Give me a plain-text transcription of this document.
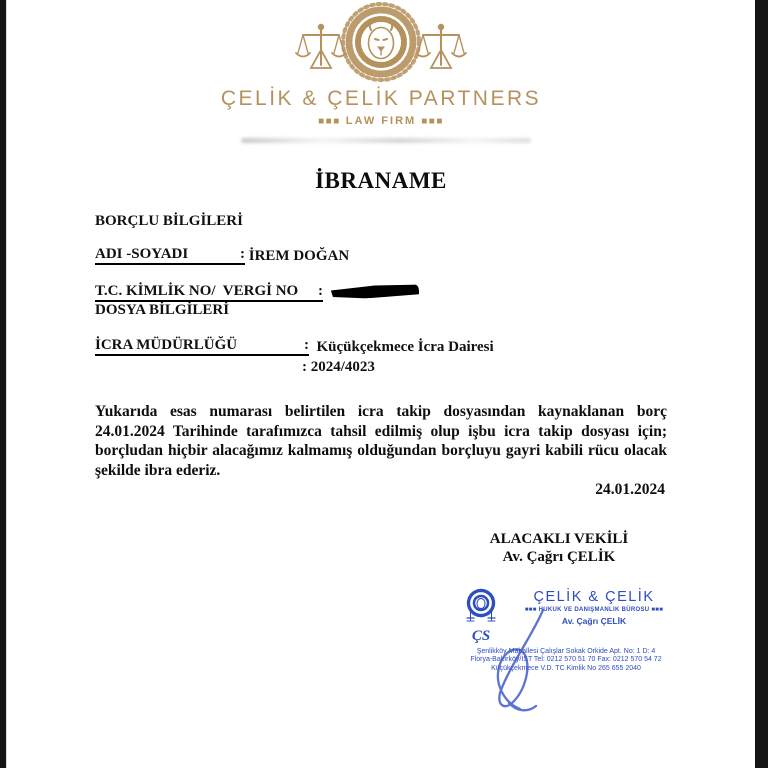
ÇELİK & ÇELİK PARTNERS
■■■ LAW FIRM ■■■
İBRANAME
BORÇLU BİLGİLERİ
ADI -SOYADI	: İREM DOĞAN
T.C. KİMLİK NO/  VERGİ NO :
DOSYA BİLGİLERİ
İCRA MÜDÜRLÜĞÜ	: Küçükçekmece İcra Dairesi
: 2024/4023
Yukarıda esas numarası belirtilen icra takip dosyasından kaynaklanan borç 24.01.2024 Tarihinde tarafımızca tahsil edilmiş olup işbu icra takip dosyası için; borçludan hiçbir alacağımız kalmamış olduğundan borçluyu gayri kabili rücu olacak şekilde ibra ederiz.
24.01.2024
ALACAKLI VEKİLİ
Av. Çağrı ÇELİK
ÇS
ÇELİK & ÇELİK
■■■ HUKUK VE DANIŞMANLIK BÜROSU ■■■
Av. Çağrı ÇELİK
Şenlikköy Mahallesi Çalışlar Sokak Orkide Apt. No: 1 D: 4
Florya-Bakırköy/İST Tel: 0212 570 51 70 Fax: 0212 570 54 72
Küçükçekmece V.D. TC Kimlik No 265 655 2040
